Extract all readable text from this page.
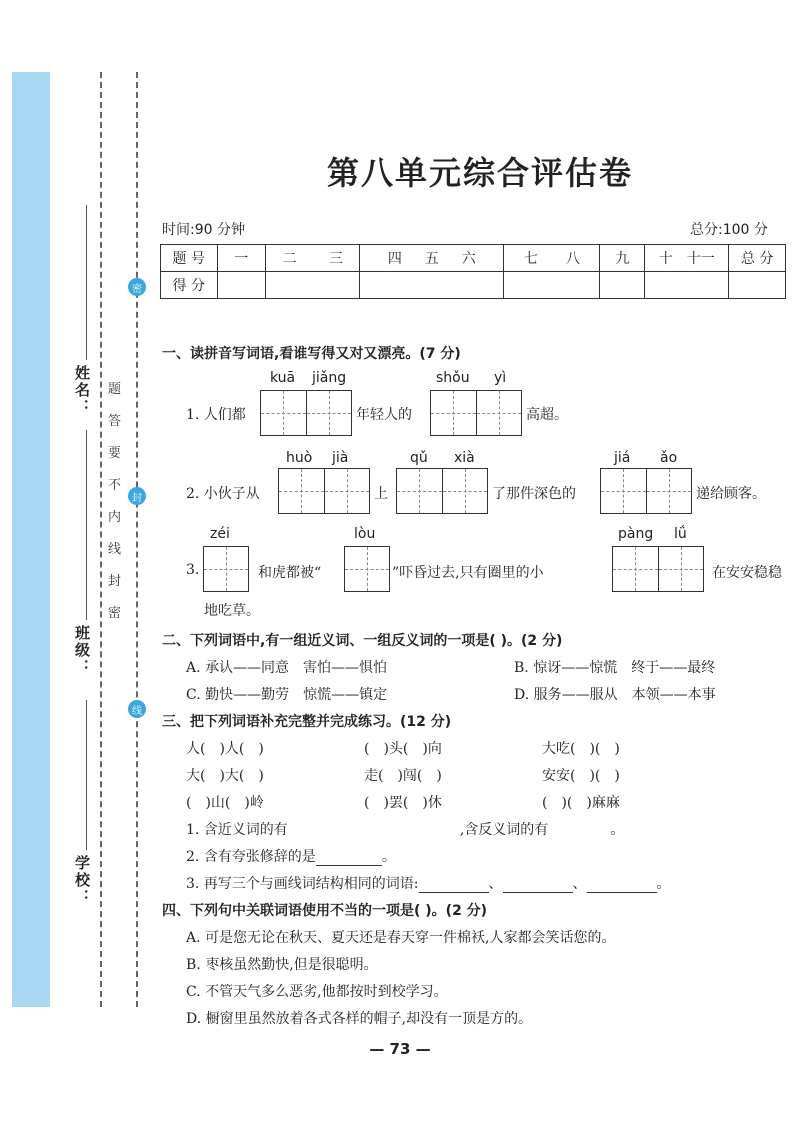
学校：
班级：
姓名：
密
封
线
密
封
线
内
不
要
答
题
第八单元综合评估卷
时间:90 分钟	总分:100 分
题 号	一	二　　 三	四　 五　 六	七　　 八	九	十　 十一	总 分
得 分							
一、读拼音写词语,看谁写得又对又漂亮。(7 分)
kuā jiǎng
1. 人们都	年轻人的
shǒu yì
高超。
2. 小伙子从
huò jià
上
qǔ xià
了那件深色的
jiá ǎo
递给顾客。
3.
zéi
和虎都被“
lòu
”吓昏过去,只有圈里的小
pàng lǘ
在安安稳稳
地吃草。
二、下列词语中,有一组近义词、一组反义词的一项是( )。(2 分)
A. 承认——同意　害怕——惧怕	B. 惊讶——惊慌　终于——最终
C. 勤快——勤劳　惊慌——镇定	D. 服务——服从　本领——本事
三、把下列词语补充完整并完成练习。(12 分)
人(　)人(　)	(　)头(　)向	大吃(　)(　)
大(　)大(　)	走(　)闯(　)	安安(　)(　)
(　)山(　)岭	(　)罢(　)休	(　)(　)麻麻
1. 含近义词的有	,含反义词的有	。
2. 含有夸张修辞的是	。
3. 再写三个与画线词结构相同的词语:	、	、	。
四、下列句中关联词语使用不当的一项是( )。(2 分)
A. 可是您无论在秋天、夏天还是春天穿一件棉袄,人家都会笑话您的。
B. 枣核虽然勤快,但是很聪明。
C. 不管天气多么恶劣,他都按时到校学习。
D. 橱窗里虽然放着各式各样的帽子,却没有一顶是方的。
— 73 —
